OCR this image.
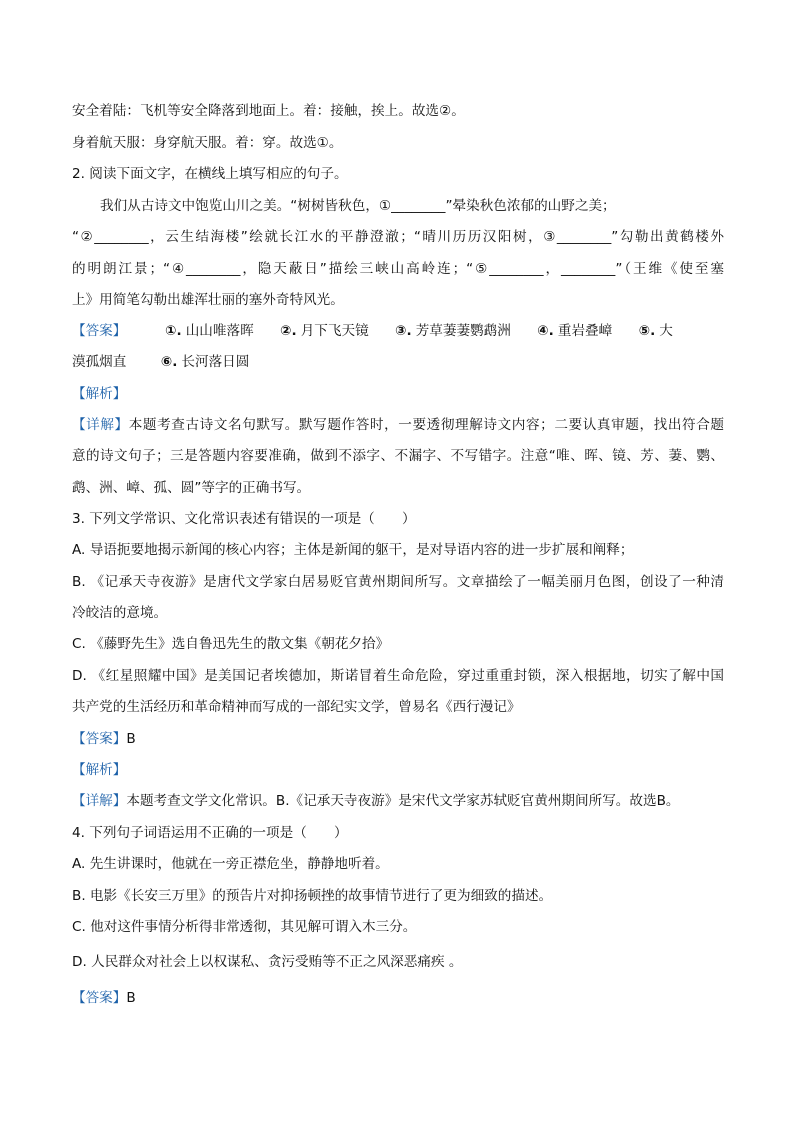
安全着陆：飞机等安全降落到地面上。着：接触，挨上。故选②。

身着航天服：身穿航天服。着：穿。故选①。

2. 阅读下面文字，在横线上填写相应的句子。

我们从古诗文中饱览山川之美。“树树皆秋色，①________”晕染秋色浓郁的山野之美；

“②________，云生结海楼”绘就长江水的平静澄澈；“晴川历历汉阳树，③________”勾勒出黄鹤楼外

的明朗江景；“④________，隐天蔽日”描绘三峡山高岭连；“⑤________，________”（王维《使至塞

上》用简笔勾勒出雄浑壮丽的塞外奇特风光。

【答案】	①. 山山唯落晖 ②. 月下飞天镜 ③. 芳草萋萋鹦鹉洲 ④. 重岩叠嶂 ⑤. 大
漠孤烟直	⑥. 长河落日圆

【解析】

【详解】本题考查古诗文名句默写。默写题作答时，一要透彻理解诗文内容；二要认真审题，找出符合题

意的诗文句子；三是答题内容要准确，做到不添字、不漏字、不写错字。注意“唯、晖、镜、芳、萋、鹦、

鹉、洲、嶂、孤、圆”等字的正确书写。

3. 下列文学常识、文化常识表述有错误的一项是（　　）

A. 导语扼要地揭示新闻的核心内容；主体是新闻的躯干，是对导语内容的进一步扩展和阐释；

B. 《记承天寺夜游》是唐代文学家白居易贬官黄州期间所写。文章描绘了一幅美丽月色图，创设了一种清

冷皎洁的意境。

C. 《藤野先生》选自鲁迅先生的散文集《朝花夕拾》

D. 《红星照耀中国》是美国记者埃德加，斯诺冒着生命危险，穿过重重封锁，深入根据地，切实了解中国

共产党的生活经历和革命精神而写成的一部纪实文学，曾易名《西行漫记》

【答案】B

【解析】

【详解】本题考查文学文化常识。B.《记承天寺夜游》是宋代文学家苏轼贬官黄州期间所写。故选B。

4. 下列句子词语运用不正确的一项是（　　）

A. 先生讲课时，他就在一旁正襟危坐，静静地听着。

B. 电影《长安三万里》的预告片对抑扬顿挫的故事情节进行了更为细致的描述。

C. 他对这件事情分析得非常透彻，其见解可谓入木三分。

D. 人民群众对社会上以权谋私、贪污受贿等不正之风深恶痛疾 。

【答案】B
